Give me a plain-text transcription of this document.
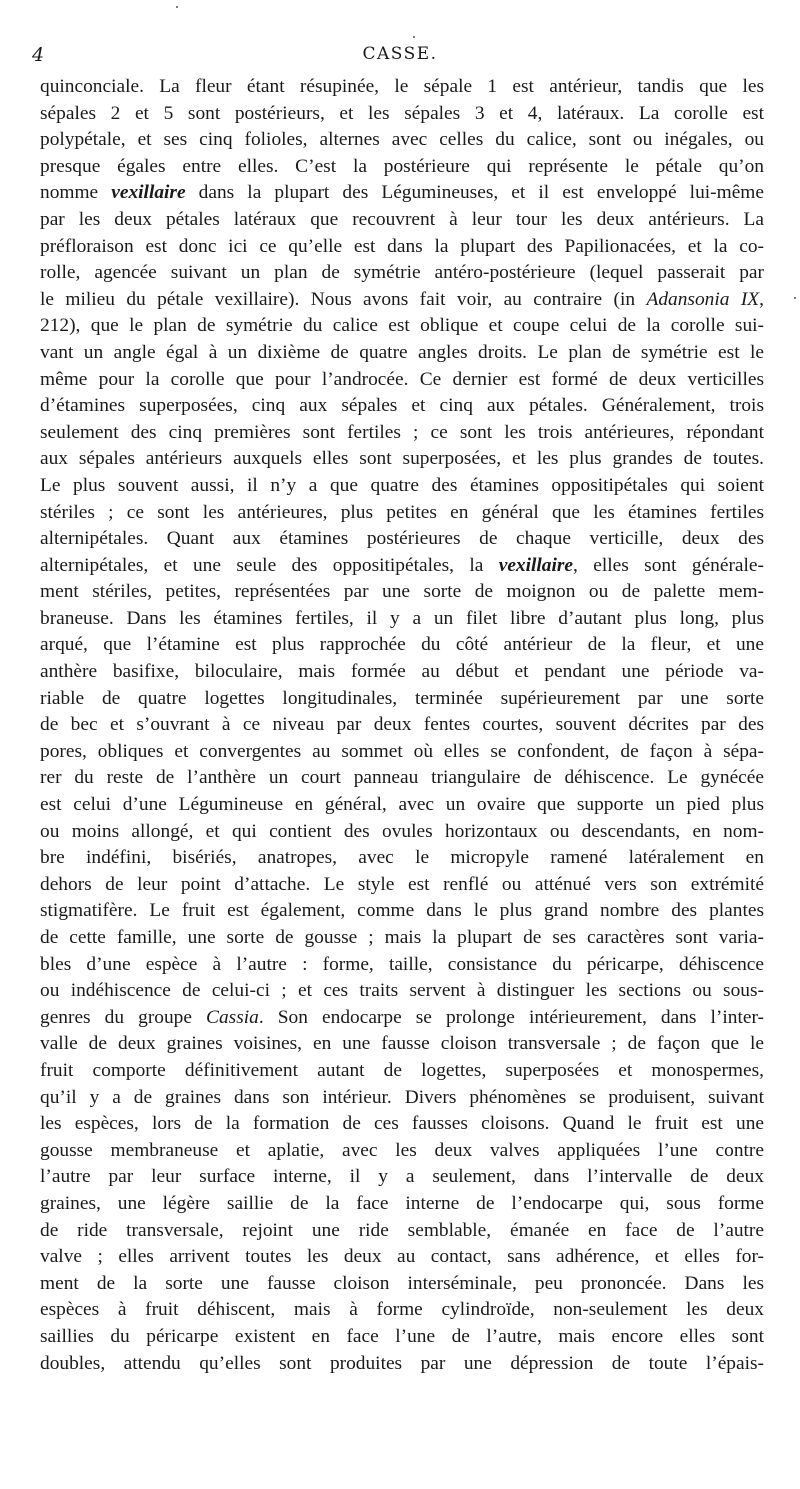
4	CASSE.
quinconciale. La fleur étant résupinée, le sépale 1 est antérieur, tandis que les
sépales 2 et 5 sont postérieurs, et les sépales 3 et 4, latéraux. La corolle est
polypétale, et ses cinq folioles, alternes avec celles du calice, sont ou inégales, ou
presque égales entre elles. C’est la postérieure qui représente le pétale qu’on
nomme vexillaire dans la plupart des Légumineuses, et il est enveloppé lui-même
par les deux pétales latéraux que recouvrent à leur tour les deux antérieurs. La
préfloraison est donc ici ce qu’elle est dans la plupart des Papilionacées, et la co-
rolle, agencée suivant un plan de symétrie antéro-postérieure (lequel passerait par
le milieu du pétale vexillaire). Nous avons fait voir, au contraire (in Adansonia IX,
212), que le plan de symétrie du calice est oblique et coupe celui de la corolle sui-
vant un angle égal à un dixième de quatre angles droits. Le plan de symétrie est le
même pour la corolle que pour l’androcée. Ce dernier est formé de deux verticilles
d’étamines superposées, cinq aux sépales et cinq aux pétales. Généralement, trois
seulement des cinq premières sont fertiles ; ce sont les trois antérieures, répondant
aux sépales antérieurs auxquels elles sont superposées, et les plus grandes de toutes.
Le plus souvent aussi, il n’y a que quatre des étamines oppositipétales qui soient
stériles ; ce sont les antérieures, plus petites en général que les étamines fertiles
alternipétales. Quant aux étamines postérieures de chaque verticille, deux des
alternipétales, et une seule des oppositipétales, la vexillaire, elles sont générale-
ment stériles, petites, représentées par une sorte de moignon ou de palette mem-
braneuse. Dans les étamines fertiles, il y a un filet libre d’autant plus long, plus
arqué, que l’étamine est plus rapprochée du côté antérieur de la fleur, et une
anthère basifixe, biloculaire, mais formée au début et pendant une période va-
riable de quatre logettes longitudinales, terminée supérieurement par une sorte
de bec et s’ouvrant à ce niveau par deux fentes courtes, souvent décrites par des
pores, obliques et convergentes au sommet où elles se confondent, de façon à sépa-
rer du reste de l’anthère un court panneau triangulaire de déhiscence. Le gynécée
est celui d’une Légumineuse en général, avec un ovaire que supporte un pied plus
ou moins allongé, et qui contient des ovules horizontaux ou descendants, en nom-
bre indéfini, bisériés, anatropes, avec le micropyle ramené latéralement en
dehors de leur point d’attache. Le style est renflé ou atténué vers son extrémité
stigmatifère. Le fruit est également, comme dans le plus grand nombre des plantes
de cette famille, une sorte de gousse ; mais la plupart de ses caractères sont varia-
bles d’une espèce à l’autre : forme, taille, consistance du péricarpe, déhiscence
ou indéhiscence de celui-ci ; et ces traits servent à distinguer les sections ou sous-
genres du groupe Cassia. Son endocarpe se prolonge intérieurement, dans l’inter-
valle de deux graines voisines, en une fausse cloison transversale ; de façon que le
fruit comporte définitivement autant de logettes, superposées et monospermes,
qu’il y a de graines dans son intérieur. Divers phénomènes se produisent, suivant
les espèces, lors de la formation de ces fausses cloisons. Quand le fruit est une
gousse membraneuse et aplatie, avec les deux valves appliquées l’une contre
l’autre par leur surface interne, il y a seulement, dans l’intervalle de deux
graines, une légère saillie de la face interne de l’endocarpe qui, sous forme
de ride transversale, rejoint une ride semblable, émanée en face de l’autre
valve ; elles arrivent toutes les deux au contact, sans adhérence, et elles for-
ment de la sorte une fausse cloison interséminale, peu prononcée. Dans les
espèces à fruit déhiscent, mais à forme cylindroïde, non-seulement les deux
saillies du péricarpe existent en face l’une de l’autre, mais encore elles sont
doubles, attendu qu’elles sont produites par une dépression de toute l’épais-
